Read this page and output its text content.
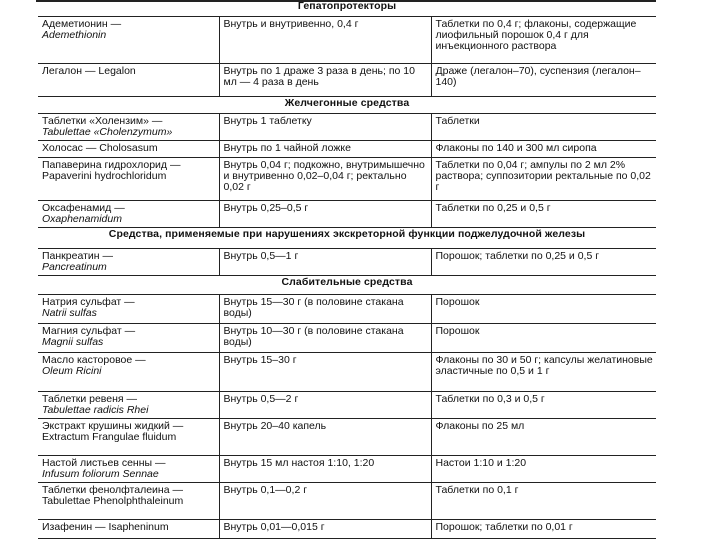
Гепатопротекторы		

Адеметионин —
Ademethionin	Внутрь и внутривенно, 0,4 г	Таблетки по 0,4 г; флаконы, содержащие лиофильный порошок 0,4 г для инъекционного раствора

Легалон — Legalon	Внутрь по 1 драже 3 раза в день; по 10 мл — 4 раза в день	Драже (легалон–70), суспензия (легалон–140)
Желчегонные средства		

Таблетки «Холензим» —
Tabulettae «Cholenzymum»	Внутрь 1 таблетку	Таблетки

Холосас — Cholosasum	Внутрь по 1 чайной ложке	Флаконы по 140 и 300 мл сиропа

Папаверина гидрохлорид — Papaverini hydrochloridum	Внутрь 0,04 г; подкожно, внутримышечно и внутривенно 0,02–0,04 г; ректально 0,02 г	Таблетки по 0,04 г; ампулы по 2 мл 2% раствора; суппозитории ректальные по 0,02 г

Оксафенамид —
Oxaphenamidum	Внутрь 0,25–0,5 г	Таблетки по 0,25 и 0,5 г
Средства, применяемые при нарушениях экскреторной функции поджелудочной железы		

Панкреатин —
Pancreatinum	Внутрь 0,5—1 г	Порошок; таблетки по 0,25 и 0,5 г
Слабительные средства		

Натрия сульфат —
Natrii sulfas	Внутрь 15—30 г (в половине стакана воды)	Порошок

Магния сульфат —
Magnii sulfas	Внутрь 10—30 г (в половине стакана воды)	Порошок

Масло касторовое —
Oleum Ricini	Внутрь 15–30 г	Флаконы по 30 и 50 г; капсулы желатиновые эластичные по 0,5 и 1 г

Таблетки ревеня —
Tabulettae radicis Rhei	Внутрь 0,5—2 г	Таблетки по 0,3 и 0,5 г

Экстракт крушины жидкий — Extractum Frangulae fluidum	Внутрь 20–40 капель	Флаконы по 25 мл

Настой листьев сенны —
Infusum foliorum Sennae	Внутрь 15 мл настоя 1:10, 1:20	Настои 1:10 и 1:20

Таблетки фенолфталеина — Tabulettae Phenolphthaleinum	Внутрь 0,1—0,2 г	Таблетки по 0,1 г

Изафенин — Isapheninum	Внутрь 0,01—0,015 г	Порошок; таблетки по 0,01 г
